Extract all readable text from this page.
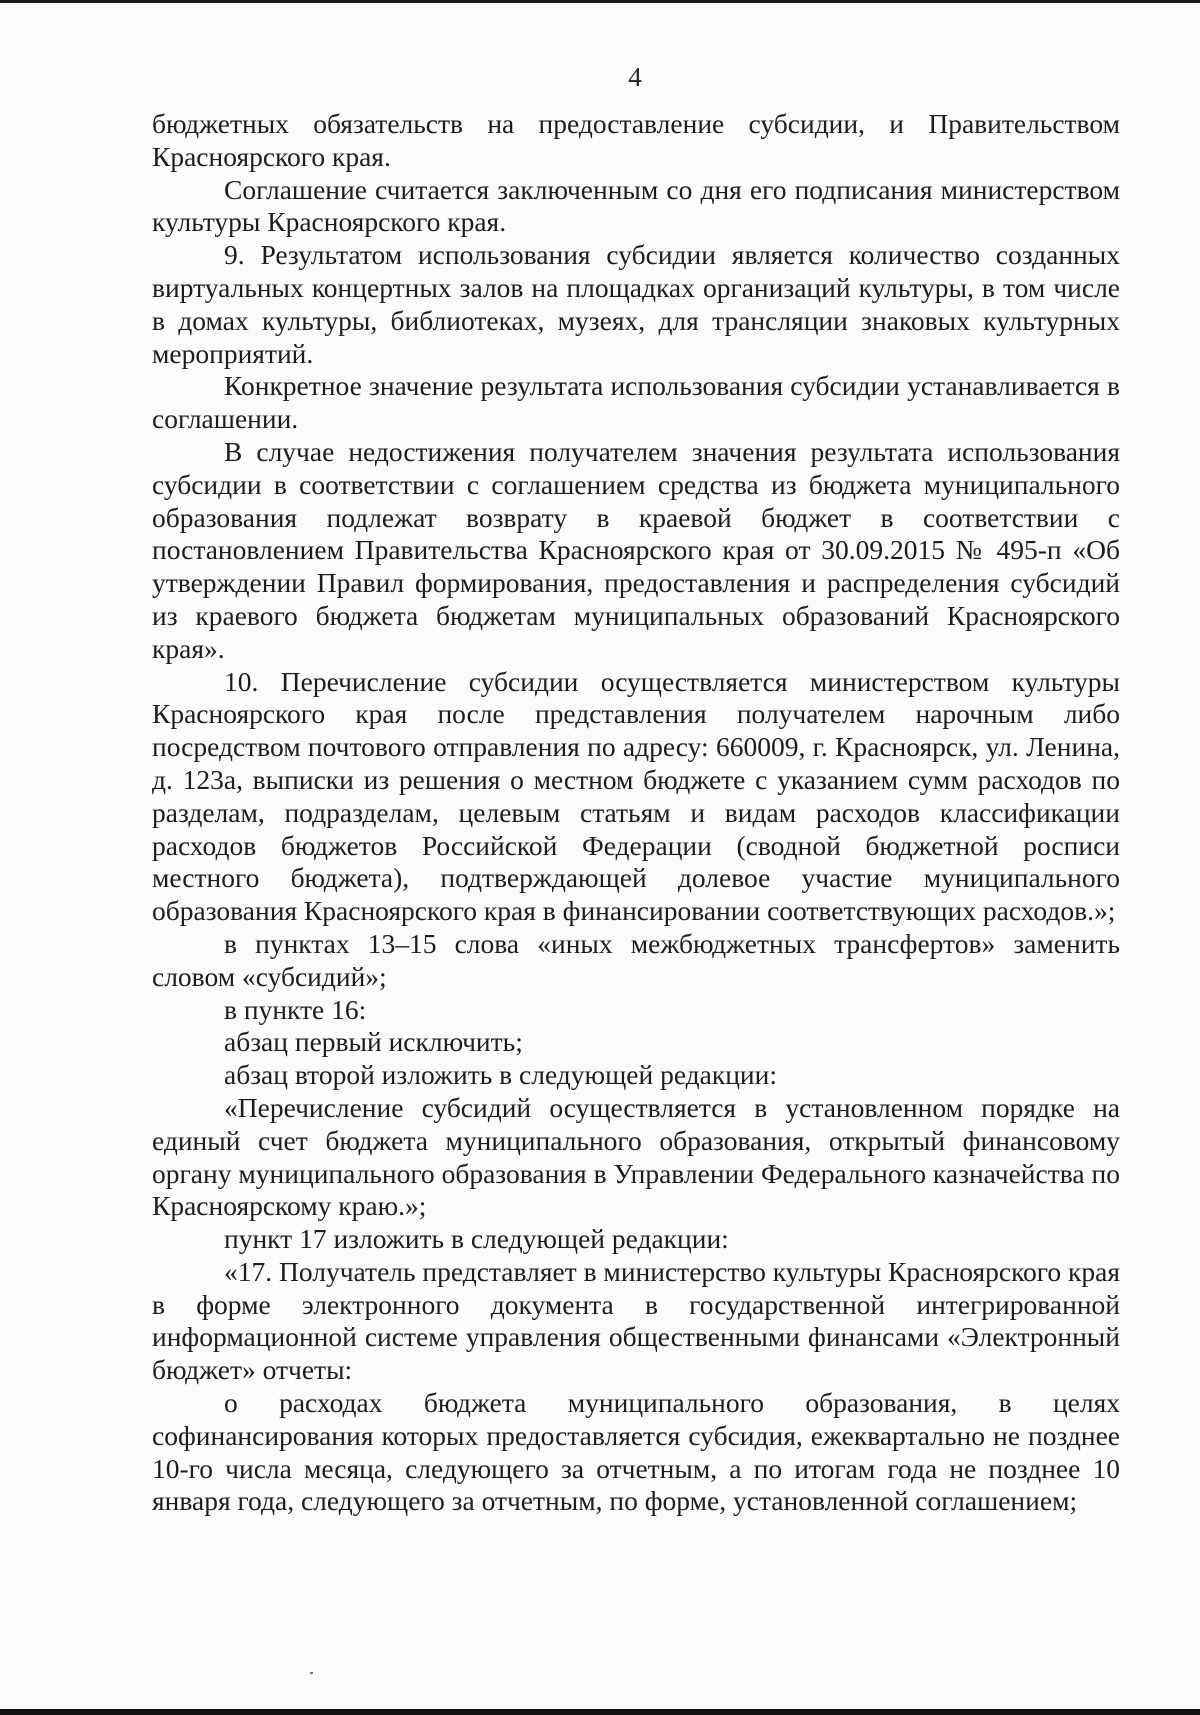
4

бюджетных обязательств на предоставление субсидии, и Правительством Красноярского края.

Соглашение считается заключенным со дня его подписания министерством культуры Красноярского края.

9. Результатом использования субсидии является количество созданных виртуальных концертных залов на площадках организаций культуры, в том числе в домах культуры, библиотеках, музеях, для трансляции знаковых культурных мероприятий.

Конкретное значение результата использования субсидии устанавливается в соглашении.

В случае недостижения получателем значения результата использования субсидии в соответствии с соглашением средства из бюджета муниципального образования подлежат возврату в краевой бюджет в соответствии с постановлением Правительства Красноярского края от 30.09.2015 № 495-п «Об утверждении Правил формирования, предоставления и распределения субсидий из краевого бюджета бюджетам муниципальных образований Красноярского края».

10. Перечисление субсидии осуществляется министерством культуры Красноярского края после представления получателем нарочным либо посредством почтового отправления по адресу: 660009, г. Красноярск, ул. Ленина, д. 123а, выписки из решения о местном бюджете с указанием сумм расходов по разделам, подразделам, целевым статьям и видам расходов классификации расходов бюджетов Российской Федерации (сводной бюджетной росписи местного бюджета), подтверждающей долевое участие муниципального образования Красноярского края в финансировании соответствующих расходов.»;

в пунктах 13–15 слова «иных межбюджетных трансфертов» заменить словом «субсидий»;

в пункте 16:

абзац первый исключить;

абзац второй изложить в следующей редакции:

«Перечисление субсидий осуществляется в установленном порядке на единый счет бюджета муниципального образования, открытый финансовому органу муниципального образования в Управлении Федерального казначейства по Красноярскому краю.»;

пункт 17 изложить в следующей редакции:

«17. Получатель представляет в министерство культуры Красноярского края в форме электронного документа в государственной интегрированной информационной системе управления общественными финансами «Электронный бюджет» отчеты:

о расходах бюджета муниципального образования, в целях софинансирования которых предоставляется субсидия, ежеквартально не позднее 10-го числа месяца, следующего за отчетным, а по итогам года не позднее 10 января года, следующего за отчетным, по форме, установленной соглашением;
